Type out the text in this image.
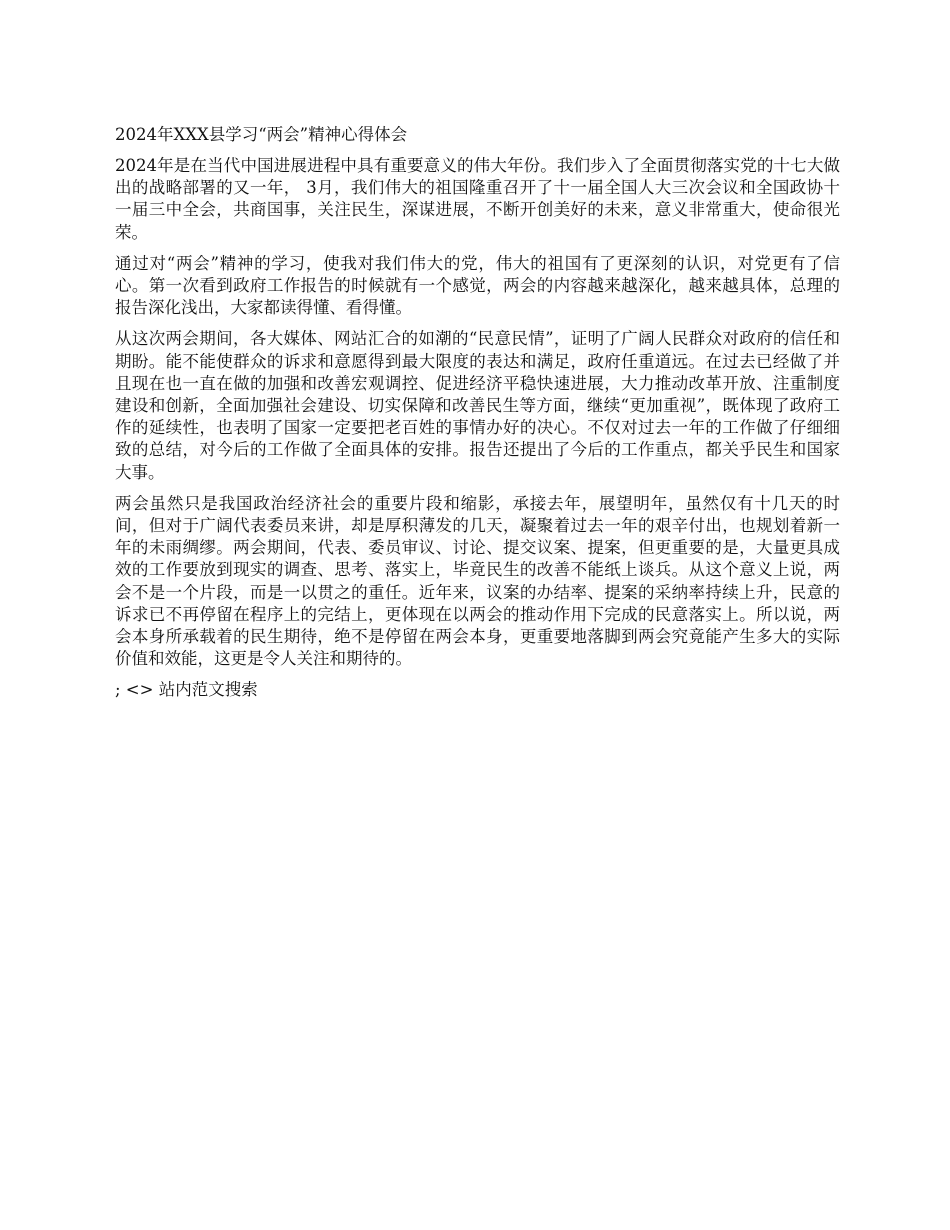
2024年XXX县学习“两会”精神心得体会

2024年是在当代中国进展进程中具有重要意义的伟大年份。我们步入了全面贯彻落实党的十七大做出的战略部署的又一年， 3月，我们伟大的祖国隆重召开了十一届全国人大三次会议和全国政协十一届三中全会，共商国事，关注民生，深谋进展，不断开创美好的未来，意义非常重大，使命很光荣。

通过对“两会”精神的学习，使我对我们伟大的党，伟大的祖国有了更深刻的认识，对党更有了信心。第一次看到政府工作报告的时候就有一个感觉，两会的内容越来越深化，越来越具体，总理的报告深化浅出，大家都读得懂、看得懂。

从这次两会期间，各大媒体、网站汇合的如潮的“民意民情”，证明了广阔人民群众对政府的信任和期盼。能不能使群众的诉求和意愿得到最大限度的表达和满足，政府任重道远。在过去已经做了并且现在也一直在做的加强和改善宏观调控、促进经济平稳快速进展，大力推动改革开放、注重制度建设和创新，全面加强社会建设、切实保障和改善民生等方面，继续“更加重视”，既体现了政府工作的延续性，也表明了国家一定要把老百姓的事情办好的决心。不仅对过去一年的工作做了仔细细致的总结，对今后的工作做了全面具体的安排。报告还提出了今后的工作重点，都关乎民生和国家大事。

两会虽然只是我国政治经济社会的重要片段和缩影，承接去年，展望明年，虽然仅有十几天的时间，但对于广阔代表委员来讲，却是厚积薄发的几天，凝聚着过去一年的艰辛付出，也规划着新一年的未雨绸缪。两会期间，代表、委员审议、讨论、提交议案、提案，但更重要的是，大量更具成效的工作要放到现实的调查、思考、落实上，毕竟民生的改善不能纸上谈兵。从这个意义上说，两会不是一个片段，而是一以贯之的重任。近年来，议案的办结率、提案的采纳率持续上升，民意的诉求已不再停留在程序上的完结上，更体现在以两会的推动作用下完成的民意落实上。所以说，两会本身所承载着的民生期待，绝不是停留在两会本身，更重要地落脚到两会究竟能产生多大的实际价值和效能，这更是令人关注和期待的。

; <> 站内范文搜索
